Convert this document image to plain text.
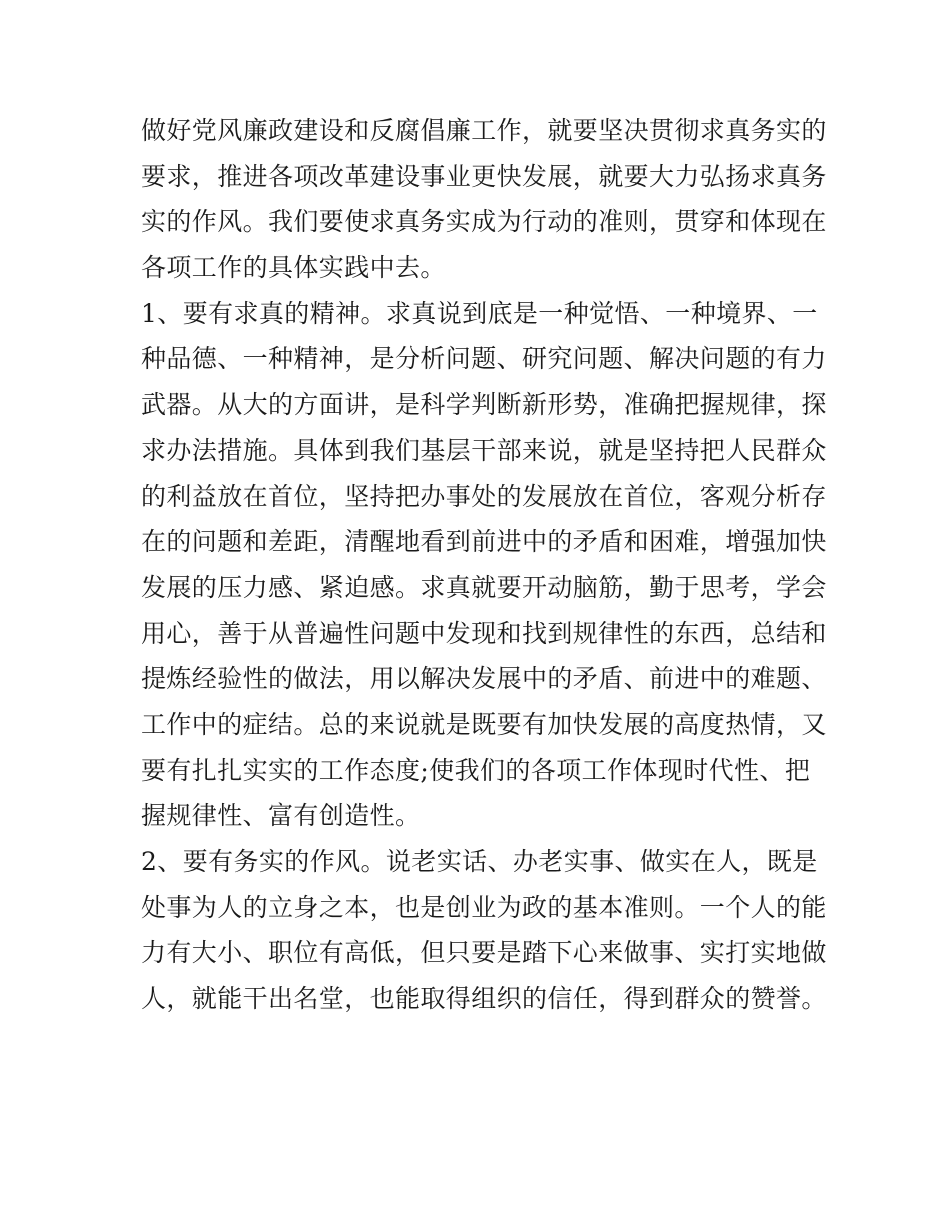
做好党风廉政建设和反腐倡廉工作，就要坚决贯彻求真务实的
要求，推进各项改革建设事业更快发展，就要大力弘扬求真务
实的作风。我们要使求真务实成为行动的准则，贯穿和体现在
各项工作的具体实践中去。
1、要有求真的精神。求真说到底是一种觉悟、一种境界、一
种品德、一种精神，是分析问题、研究问题、解决问题的有力
武器。从大的方面讲，是科学判断新形势，准确把握规律，探
求办法措施。具体到我们基层干部来说，就是坚持把人民群众
的利益放在首位，坚持把办事处的发展放在首位，客观分析存
在的问题和差距，清醒地看到前进中的矛盾和困难，增强加快
发展的压力感、紧迫感。求真就要开动脑筋，勤于思考，学会
用心，善于从普遍性问题中发现和找到规律性的东西，总结和
提炼经验性的做法，用以解决发展中的矛盾、前进中的难题、
工作中的症结。总的来说就是既要有加快发展的高度热情，又
要有扎扎实实的工作态度;使我们的各项工作体现时代性、把
握规律性、富有创造性。
2、要有务实的作风。说老实话、办老实事、做实在人，既是
处事为人的立身之本，也是创业为政的基本准则。一个人的能
力有大小、职位有高低，但只要是踏下心来做事、实打实地做
人，就能干出名堂，也能取得组织的信任，得到群众的赞誉。
